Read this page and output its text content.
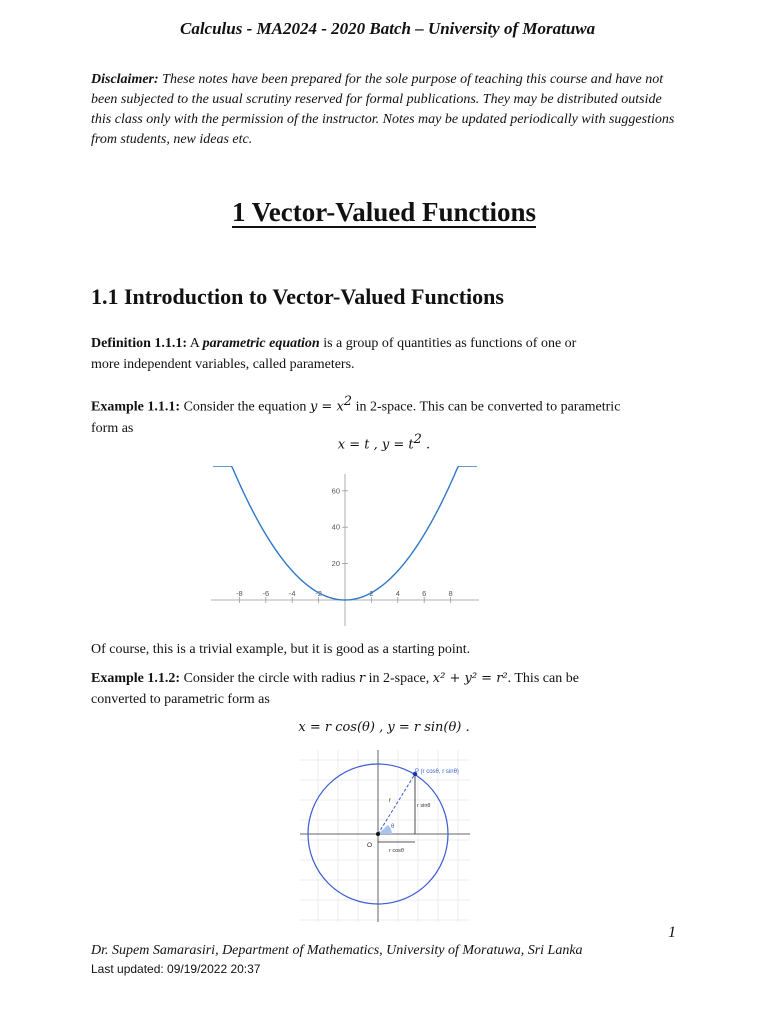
Calculus - MA2024 - 2020 Batch – University of Moratuwa
Disclaimer: These notes have been prepared for the sole purpose of teaching this course and have not been subjected to the usual scrutiny reserved for formal publications. They may be distributed outside this class only with the permission of the instructor. Notes may be updated periodically with suggestions from students, new ideas etc.
1 Vector-Valued Functions
1.1 Introduction to Vector-Valued Functions
Definition 1.1.1: A parametric equation is a group of quantities as functions of one or
more independent variables, called parameters.
Example 1.1.1: Consider the equation $y = x^2$ in 2-space. This can be converted to parametric
form as
x = t , $y = t^2$ .
-8	-6	-4	-2	2	4	6	8
20
40
60
Of course, this is a trivial example, but it is good as a starting point.
Example 1.1.2: Consider the circle with radius r in 2-space, x² + y² = r². This can be
converted to parametric form as
x = r cos(θ) , y = r sin(θ) .
P (r cosθ, r sinθ)
r
r sinθ
θ
O
r cosθ
1
Dr. Supem Samarasiri, Department of Mathematics, University of Moratuwa, Sri Lanka
Last updated: 09/19/2022 20:37
